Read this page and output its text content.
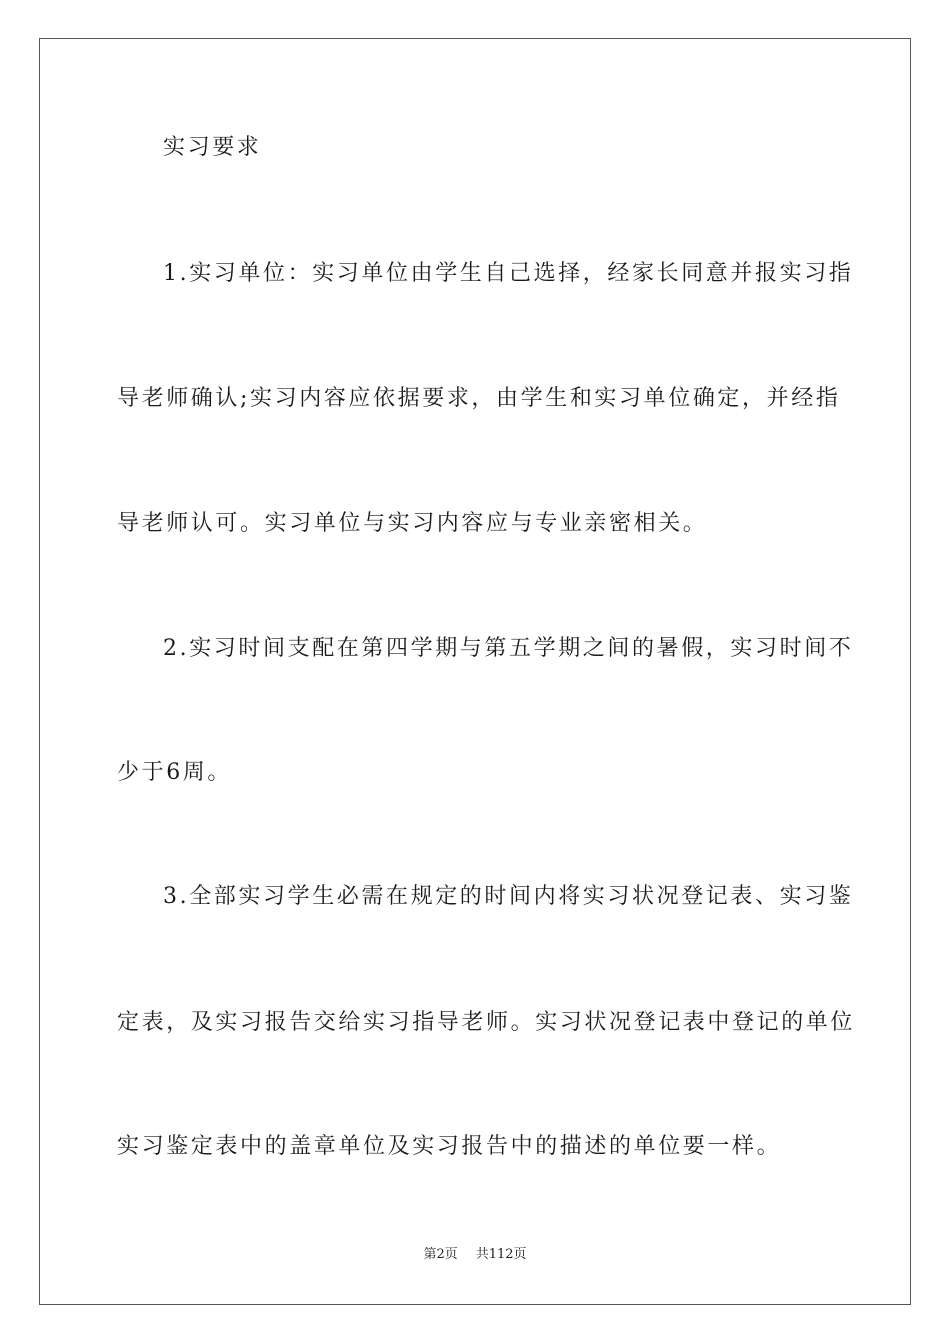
实习要求
1.实习单位：实习单位由学生自己选择，经家长同意并报实习指
导老师确认;实习内容应依据要求，由学生和实习单位确定，并经指
导老师认可。实习单位与实习内容应与专业亲密相关。
2.实习时间支配在第四学期与第五学期之间的暑假，实习时间不
少于6周。
3.全部实习学生必需在规定的时间内将实习状况登记表、实习鉴
定表，及实习报告交给实习指导老师。实习状况登记表中登记的单位
实习鉴定表中的盖章单位及实习报告中的描述的单位要一样。
第2页 共112页
